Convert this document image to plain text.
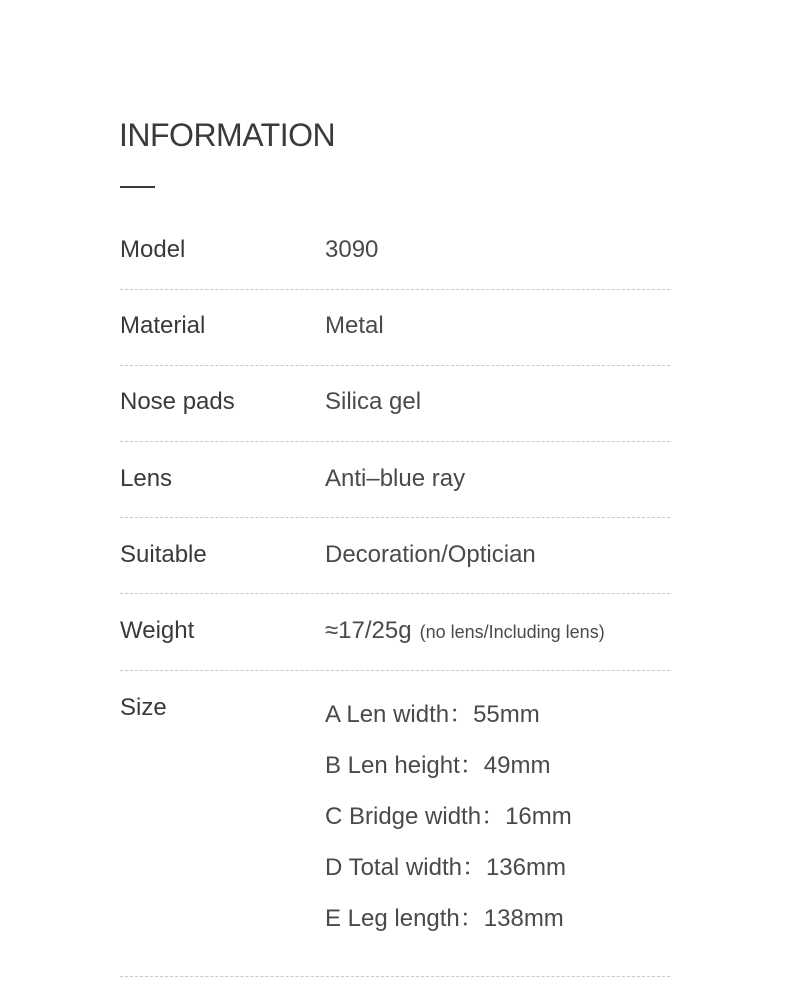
INFORMATION
Model	3090
Material	Metal
Nose pads	Silica gel
Lens	Anti–blue ray
Suitable	Decoration/Optician
Weight	≈17/25g (no lens/Including lens)
Size	A Len width：55mm
B Len height：49mm
C Bridge width：16mm
D Total width：136mm
E Leg length：138mm
